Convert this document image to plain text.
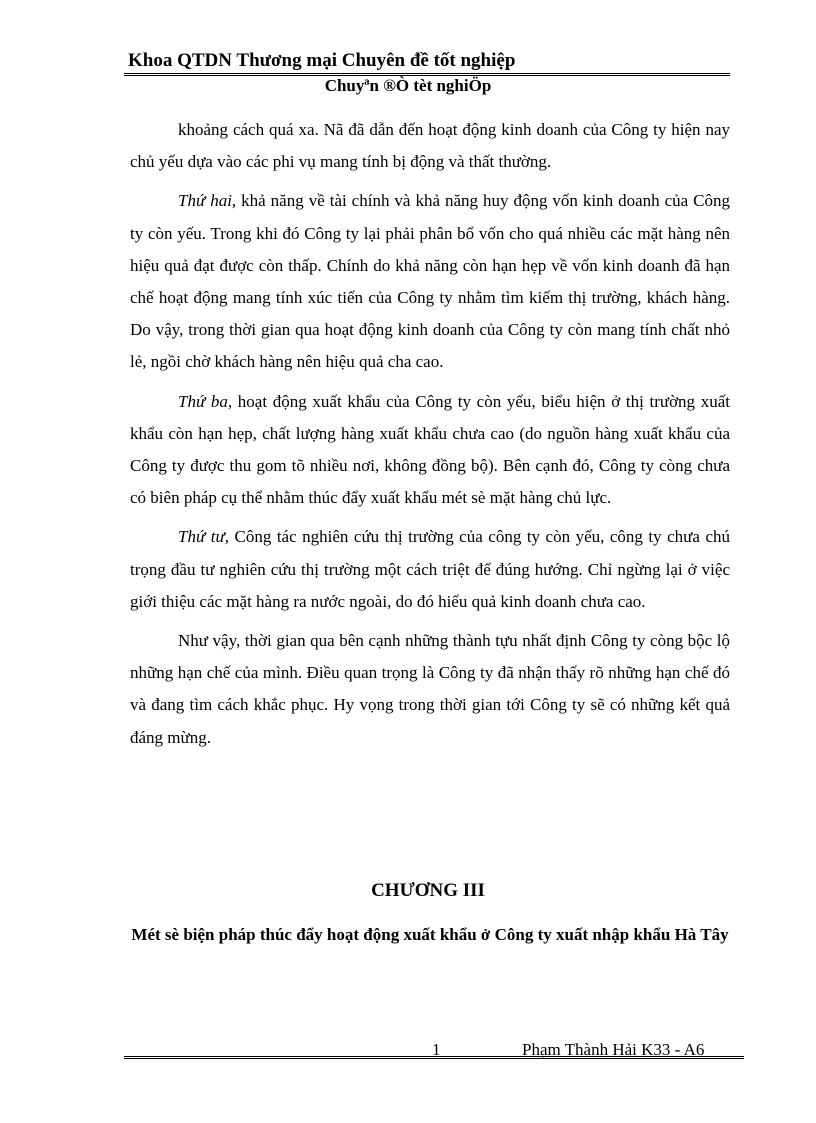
Khoa QTDN Thương mại Chuyên đề tốt nghiệp
Chuyªn ®Ò tèt nghiÖp

khoảng cách quá xa. Nã đã dẫn đến hoạt động kinh doanh của Công ty hiện nay chủ yếu dựa vào các phi vụ mang tính bị động và thất thường.

Thứ hai, khả năng về tài chính và khả năng huy động vốn kinh doanh của Công ty còn yếu. Trong khi đó Công ty lại phải phân bổ vốn cho quá nhiều các mặt hàng nên hiệu quả đạt được còn thấp. Chính do khả năng còn hạn hẹp về vốn kinh doanh đã hạn chế hoạt động mang tính xúc tiến của Công ty nhằm tìm kiếm thị trường, khách hàng. Do vậy, trong thời gian qua hoạt động kinh doanh của Công ty còn mang tính chất nhỏ lẻ, ngồi chờ khách hàng nên hiệu quả cha cao.

Thứ ba, hoạt động xuất khẩu của Công ty còn yếu, biểu hiện ở thị trường xuất khẩu còn hạn hẹp, chất lượng hàng xuất khẩu chưa cao (do nguồn hàng xuất khẩu của Công ty được thu gom tõ nhiều nơi, không đồng bộ). Bên cạnh đó, Công ty còng chưa có biên pháp cụ thể nhằm thúc đẩy xuất khẩu mét sè mặt hàng chủ lực.

Thứ tư, Công tác nghiên cứu thị trường của công ty còn yếu, công ty chưa chú trọng đầu tư nghiên cứu thị trường một cách triệt để đúng hướng. Chỉ ngừng lại ở việc giới thiệu các mặt hàng ra nước ngoài, do đó hiểu quả kinh doanh chưa cao.

Như vậy, thời gian qua bên cạnh những thành tựu nhất định Công ty còng bộc lộ những hạn chế của mình. Điều quan trọng là Công ty đã nhận thấy rõ những hạn chế đó và đang tìm cách khắc phục. Hy vọng trong thời gian tới Công ty sẽ có những kết quả đáng mừng.

CHƯƠNG III
Mét sè biện pháp thúc đẩy hoạt động xuất khẩu ở Công ty xuất nhập khẩu Hà Tây
1	Phạm Thành Hải K33 - A6
